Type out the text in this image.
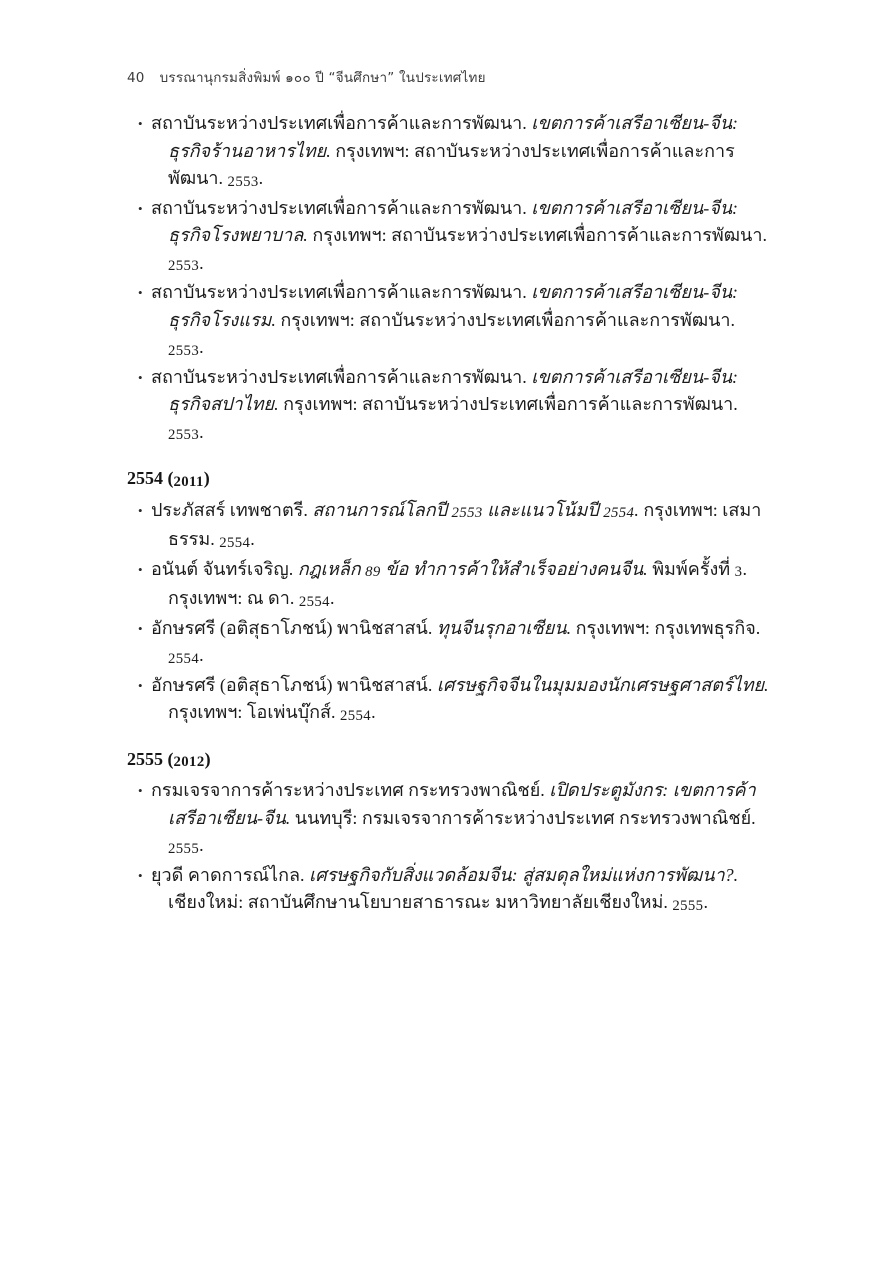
40 บรรณานุกรมสิ่งพิมพ์ ๑๐๐ ปี “จีนศึกษา” ในประเทศไทย
• สถาบันระหว่างประเทศเพื่อการค้าและการพัฒนา. เขตการค้าเสรีอาเซียน-จีน: ธุรกิจร้านอาหารไทย. กรุงเทพฯ: สถาบันระหว่างประเทศเพื่อการค้าและการพัฒนา. 2553.
• สถาบันระหว่างประเทศเพื่อการค้าและการพัฒนา. เขตการค้าเสรีอาเซียน-จีน: ธุรกิจโรงพยาบาล. กรุงเทพฯ: สถาบันระหว่างประเทศเพื่อการค้าและการพัฒนา. 2553.
• สถาบันระหว่างประเทศเพื่อการค้าและการพัฒนา. เขตการค้าเสรีอาเซียน-จีน: ธุรกิจโรงแรม. กรุงเทพฯ: สถาบันระหว่างประเทศเพื่อการค้าและการพัฒนา. 2553.
• สถาบันระหว่างประเทศเพื่อการค้าและการพัฒนา. เขตการค้าเสรีอาเซียน-จีน: ธุรกิจสปาไทย. กรุงเทพฯ: สถาบันระหว่างประเทศเพื่อการค้าและการพัฒนา. 2553.
2554 (2011)
• ประภัสสร์ เทพชาตรี. สถานการณ์โลกปี 2553 และแนวโน้มปี 2554. กรุงเทพฯ: เสมาธรรม. 2554.
• อนันต์ จันทร์เจริญ. กฎเหล็ก 89 ข้อ ทำการค้าให้สำเร็จอย่างคนจีน. พิมพ์ครั้งที่ 3. กรุงเทพฯ: ณ ดา. 2554.
• อักษรศรี (อติสุธาโภชน์) พานิชสาสน์. ทุนจีนรุกอาเซียน. กรุงเทพฯ: กรุงเทพธุรกิจ. 2554.
• อักษรศรี (อติสุธาโภชน์) พานิชสาสน์. เศรษฐกิจจีนในมุมมองนักเศรษฐศาสตร์ไทย. กรุงเทพฯ: โอเพ่นบุ๊กส์. 2554.
2555 (2012)
• กรมเจรจาการค้าระหว่างประเทศ กระทรวงพาณิชย์. เปิดประตูมังกร: เขตการค้าเสรีอาเซียน-จีน. นนทบุรี: กรมเจรจาการค้าระหว่างประเทศ กระทรวงพาณิชย์. 2555.
• ยุวดี คาดการณ์ไกล. เศรษฐกิจกับสิ่งแวดล้อมจีน: สู่สมดุลใหม่แห่งการพัฒนา?. เชียงใหม่: สถาบันศึกษานโยบายสาธารณะ มหาวิทยาลัยเชียงใหม่. 2555.
